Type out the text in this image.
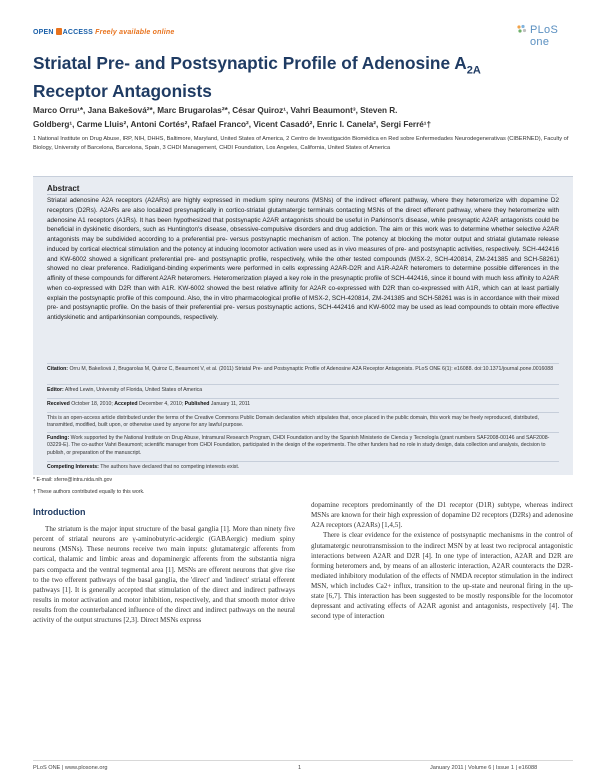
OPEN ACCESS Freely available online	PLoS one
Striatal Pre- and Postsynaptic Profile of Adenosine $A_{2A}$
Receptor Antagonists
Marco Orru¹*, Jana Bakešová²*, Marc Brugarolas²*, César Quiroz¹, Vahri Beaumont³, Steven R.
Goldberg¹, Carme Lluis², Antoni Cortés², Rafael Franco², Vicent Casadó², Enric I. Canela², Sergi Ferré¹†
1 National Institute on Drug Abuse, IRP, NIH, DHHS, Baltimore, Maryland, United States of America, 2 Centro de Investigación Biomédica en Red sobre Enfermedades Neurodegenerativas (CIBERNED), Faculty of Biology, University of Barcelona, Barcelona, Spain, 3 CHDI Management, CHDI Foundation, Los Angeles, California, United States of America
Abstract
Striatal adenosine A2A receptors (A2ARs) are highly expressed in medium spiny neurons (MSNs) of the indirect efferent pathway, where they heteromerize with dopamine D2 receptors (D2Rs). A2ARs are also localized presynaptically in cortico-striatal glutamatergic terminals contacting MSNs of the direct efferent pathway, where they heteromerize with adenosine A1 receptors (A1Rs). It has been hypothesized that postsynaptic A2AR antagonists should be useful in Parkinson's disease, while presynaptic A2AR antagonists could be beneficial in dyskinetic disorders, such as Huntington's disease, obsessive-compulsive disorders and drug addiction. The aim or this work was to determine whether selective A2AR antagonists may be subdivided according to a preferential pre- versus postsynaptic mechanism of action. The potency at blocking the motor output and striatal glutamate release induced by cortical electrical stimulation and the potency at inducing locomotor activation were used as in vivo measures of pre- and postsynaptic activities, respectively. SCH-442416 and KW-6002 showed a significant preferential pre- and postsynaptic profile, respectively, while the other tested compounds (MSX-2, SCH-420814, ZM-241385 and SCH-58261) showed no clear preference. Radioligand-binding experiments were performed in cells expressing A2AR-D2R and A1R-A2AR heteromers to determine possible differences in the affinity of these compounds for different A2AR heteromers. Heteromerization played a key role in the presynaptic profile of SCH-442416, since it bound with much less affinity to A2AR when co-expressed with D2R than with A1R. KW-6002 showed the best relative affinity for A2AR co-expressed with D2R than co-expressed with A1R, which can at least partially explain the postsynaptic profile of this compound. Also, the in vitro pharmacological profile of MSX-2, SCH-420814, ZM-241385 and SCH-58261 was is in accordance with their mixed pre- and postsynaptic profile. On the basis of their preferential pre- versus postsynaptic actions, SCH-442416 and KW-6002 may be used as lead compounds to obtain more effective antidyskinetic and antiparkinsonian compounds, respectively.
Citation: Orru M, Bakešová J, Brugarolas M, Quiroz C, Beaumont V, et al. (2011) Striatal Pre- and Postsynaptic Profile of Adenosine A2A Receptor Antagonists. PLoS ONE 6(1): e16088. doi:10.1371/journal.pone.0016088
Editor: Alfred Lewin, University of Florida, United States of America
Received October 18, 2010; Accepted December 4, 2010; Published January 11, 2011
This is an open-access article distributed under the terms of the Creative Commons Public Domain declaration which stipulates that, once placed in the public domain, this work may be freely reproduced, distributed, transmitted, modified, built upon, or otherwise used by anyone for any lawful purpose.
Funding: Work supported by the National Institute on Drug Abuse, Intramural Research Program, CHDI Foundation and by the Spanish Ministerio de Ciencia y Tecnología (grant numbers SAF2008-00146 and SAF2008-03229-E). The co-author Vahri Beaumont; scientific manager from CHDI Foundation, participated in the design of the experiments. The other funders had no role in study design, data collection and analysis, decision to publish, or preparation of the manuscript.
Competing Interests: The authors have declared that no competing interests exist.
* E-mail: sferre@intra.nida.nih.gov
† These authors contributed equally to this work.
Introduction
The striatum is the major input structure of the basal ganglia [1]. More than ninety five percent of striatal neurons are γ-aminobutyric-acidergic (GABAergic) medium spiny neurons (MSNs). These neurons receive two main inputs: glutamatergic afferents from cortical, thalamic and limbic areas and dopaminergic afferents from the substantia nigra pars compacta and the ventral tegmental area [1]. MSNs are efferent neurons that give rise to the two efferent pathways of the basal ganglia, the 'direct' and 'indirect' striatal efferent pathways [1]. It is generally accepted that stimulation of the direct and indirect pathways results in motor activation and motor inhibition, respectively, and that smooth motor drive results from the counterbalanced influence of the direct and indirect pathways on the neural activity of the output structures [2,3]. Direct MSNs express

dopamine receptors predominantly of the D1 receptor (D1R) subtype, whereas indirect MSNs are known for their high expression of dopamine D2 receptors (D2Rs) and adenosine A2A receptors (A2ARs) [1,4,5].

There is clear evidence for the existence of postsynaptic mechanisms in the control of glutamatergic neurotransmission to the indirect MSN by at least two reciprocal antagonistic interactions between A2AR and D2R [4]. In one type of interaction, A2AR and D2R are forming heteromers and, by means of an allosteric interaction, A2AR counteracts the D2R-mediated inhibitory modulation of the effects of NMDA receptor stimulation in the indirect MSN, which includes Ca2+ influx, transition to the up-state and neuronal firing in the up-state [6,7]. This interaction has been suggested to be mostly responsible for the locomotor depressant and activating effects of A2AR agonist and antagonists, respectively [4]. The second type of interaction

PLoS ONE | www.plosone.org	1	January 2011 | Volume 6 | Issue 1 | e16088
